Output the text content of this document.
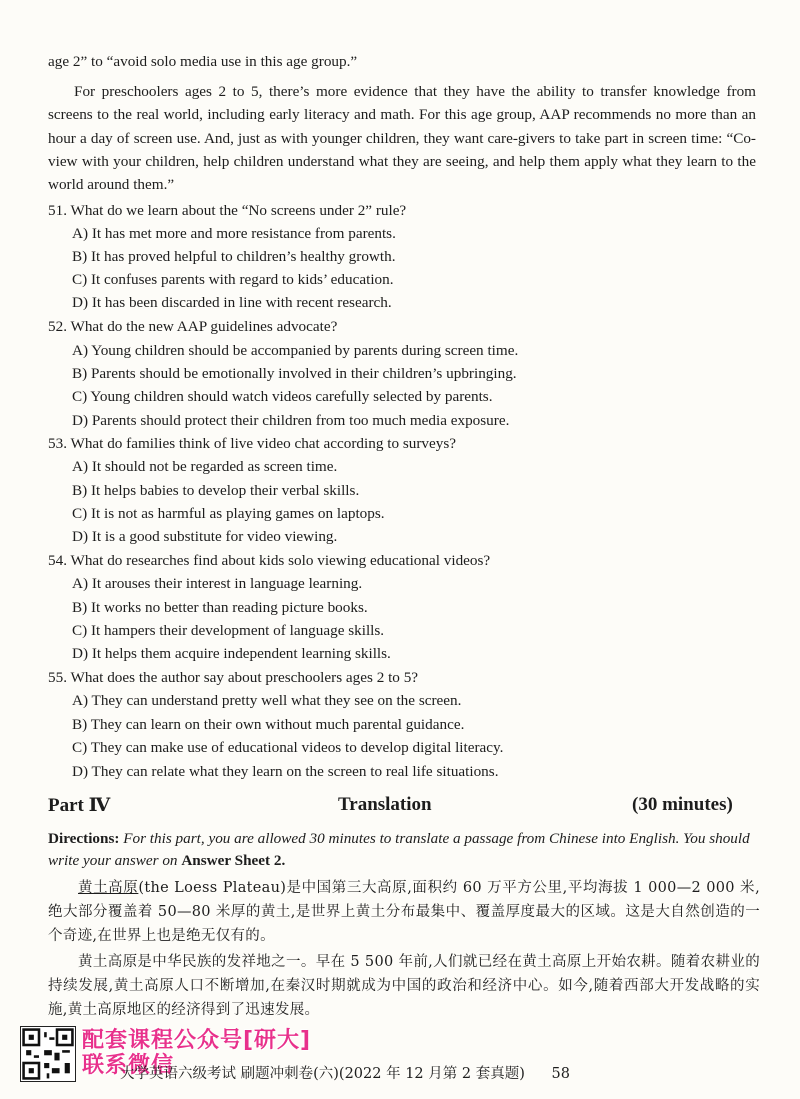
age 2” to “avoid solo media use in this age group.”
For preschoolers ages 2 to 5, there’s more evidence that they have the ability to transfer knowledge from screens to the real world, including early literacy and math. For this age group, AAP recommends no more than an hour a day of screen use. And, just as with younger children, they want care-givers to take part in screen time: “Co-view with your children, help children understand what they are seeing, and help them apply what they learn to the world around them.”
51. What do we learn about the “No screens under 2” rule?
A) It has met more and more resistance from parents.
B) It has proved helpful to children’s healthy growth.
C) It confuses parents with regard to kids’ education.
D) It has been discarded in line with recent research.
52. What do the new AAP guidelines advocate?
A) Young children should be accompanied by parents during screen time.
B) Parents should be emotionally involved in their children’s upbringing.
C) Young children should watch videos carefully selected by parents.
D) Parents should protect their children from too much media exposure.
53. What do families think of live video chat according to surveys?
A) It should not be regarded as screen time.
B) It helps babies to develop their verbal skills.
C) It is not as harmful as playing games on laptops.
D) It is a good substitute for video viewing.
54. What do researches find about kids solo viewing educational videos?
A) It arouses their interest in language learning.
B) It works no better than reading picture books.
C) It hampers their development of language skills.
D) It helps them acquire independent learning skills.
55. What does the author say about preschoolers ages 2 to 5?
A) They can understand pretty well what they see on the screen.
B) They can learn on their own without much parental guidance.
C) They can make use of educational videos to develop digital literacy.
D) They can relate what they learn on the screen to real life situations.
Part Ⅳ	Translation	(30 minutes)
Directions: For this part, you are allowed 30 minutes to translate a passage from Chinese into English. You should write your answer on Answer Sheet 2.
黄土高原(the Loess Plateau)是中国第三大高原,面积约 60 万平方公里,平均海拔 1 000—2 000 米,绝大部分覆盖着 50—80 米厚的黄土,是世界上黄土分布最集中、覆盖厚度最大的区域。这是大自然创造的一个奇迹,在世界上也是绝无仅有的。
黄土高原是中华民族的发祥地之一。早在 5 500 年前,人们就已经在黄土高原上开始农耕。随着农耕业的持续发展,黄土高原人口不断增加,在秦汉时期就成为中国的政治和经济中心。如今,随着西部大开发战略的实施,黄土高原地区的经济得到了迅速发展。
配套课程公众号[研大]
联系微信
大学英语六级考试 刷题冲刺卷(六)(2022 年 12 月第 2 套真题) 58
